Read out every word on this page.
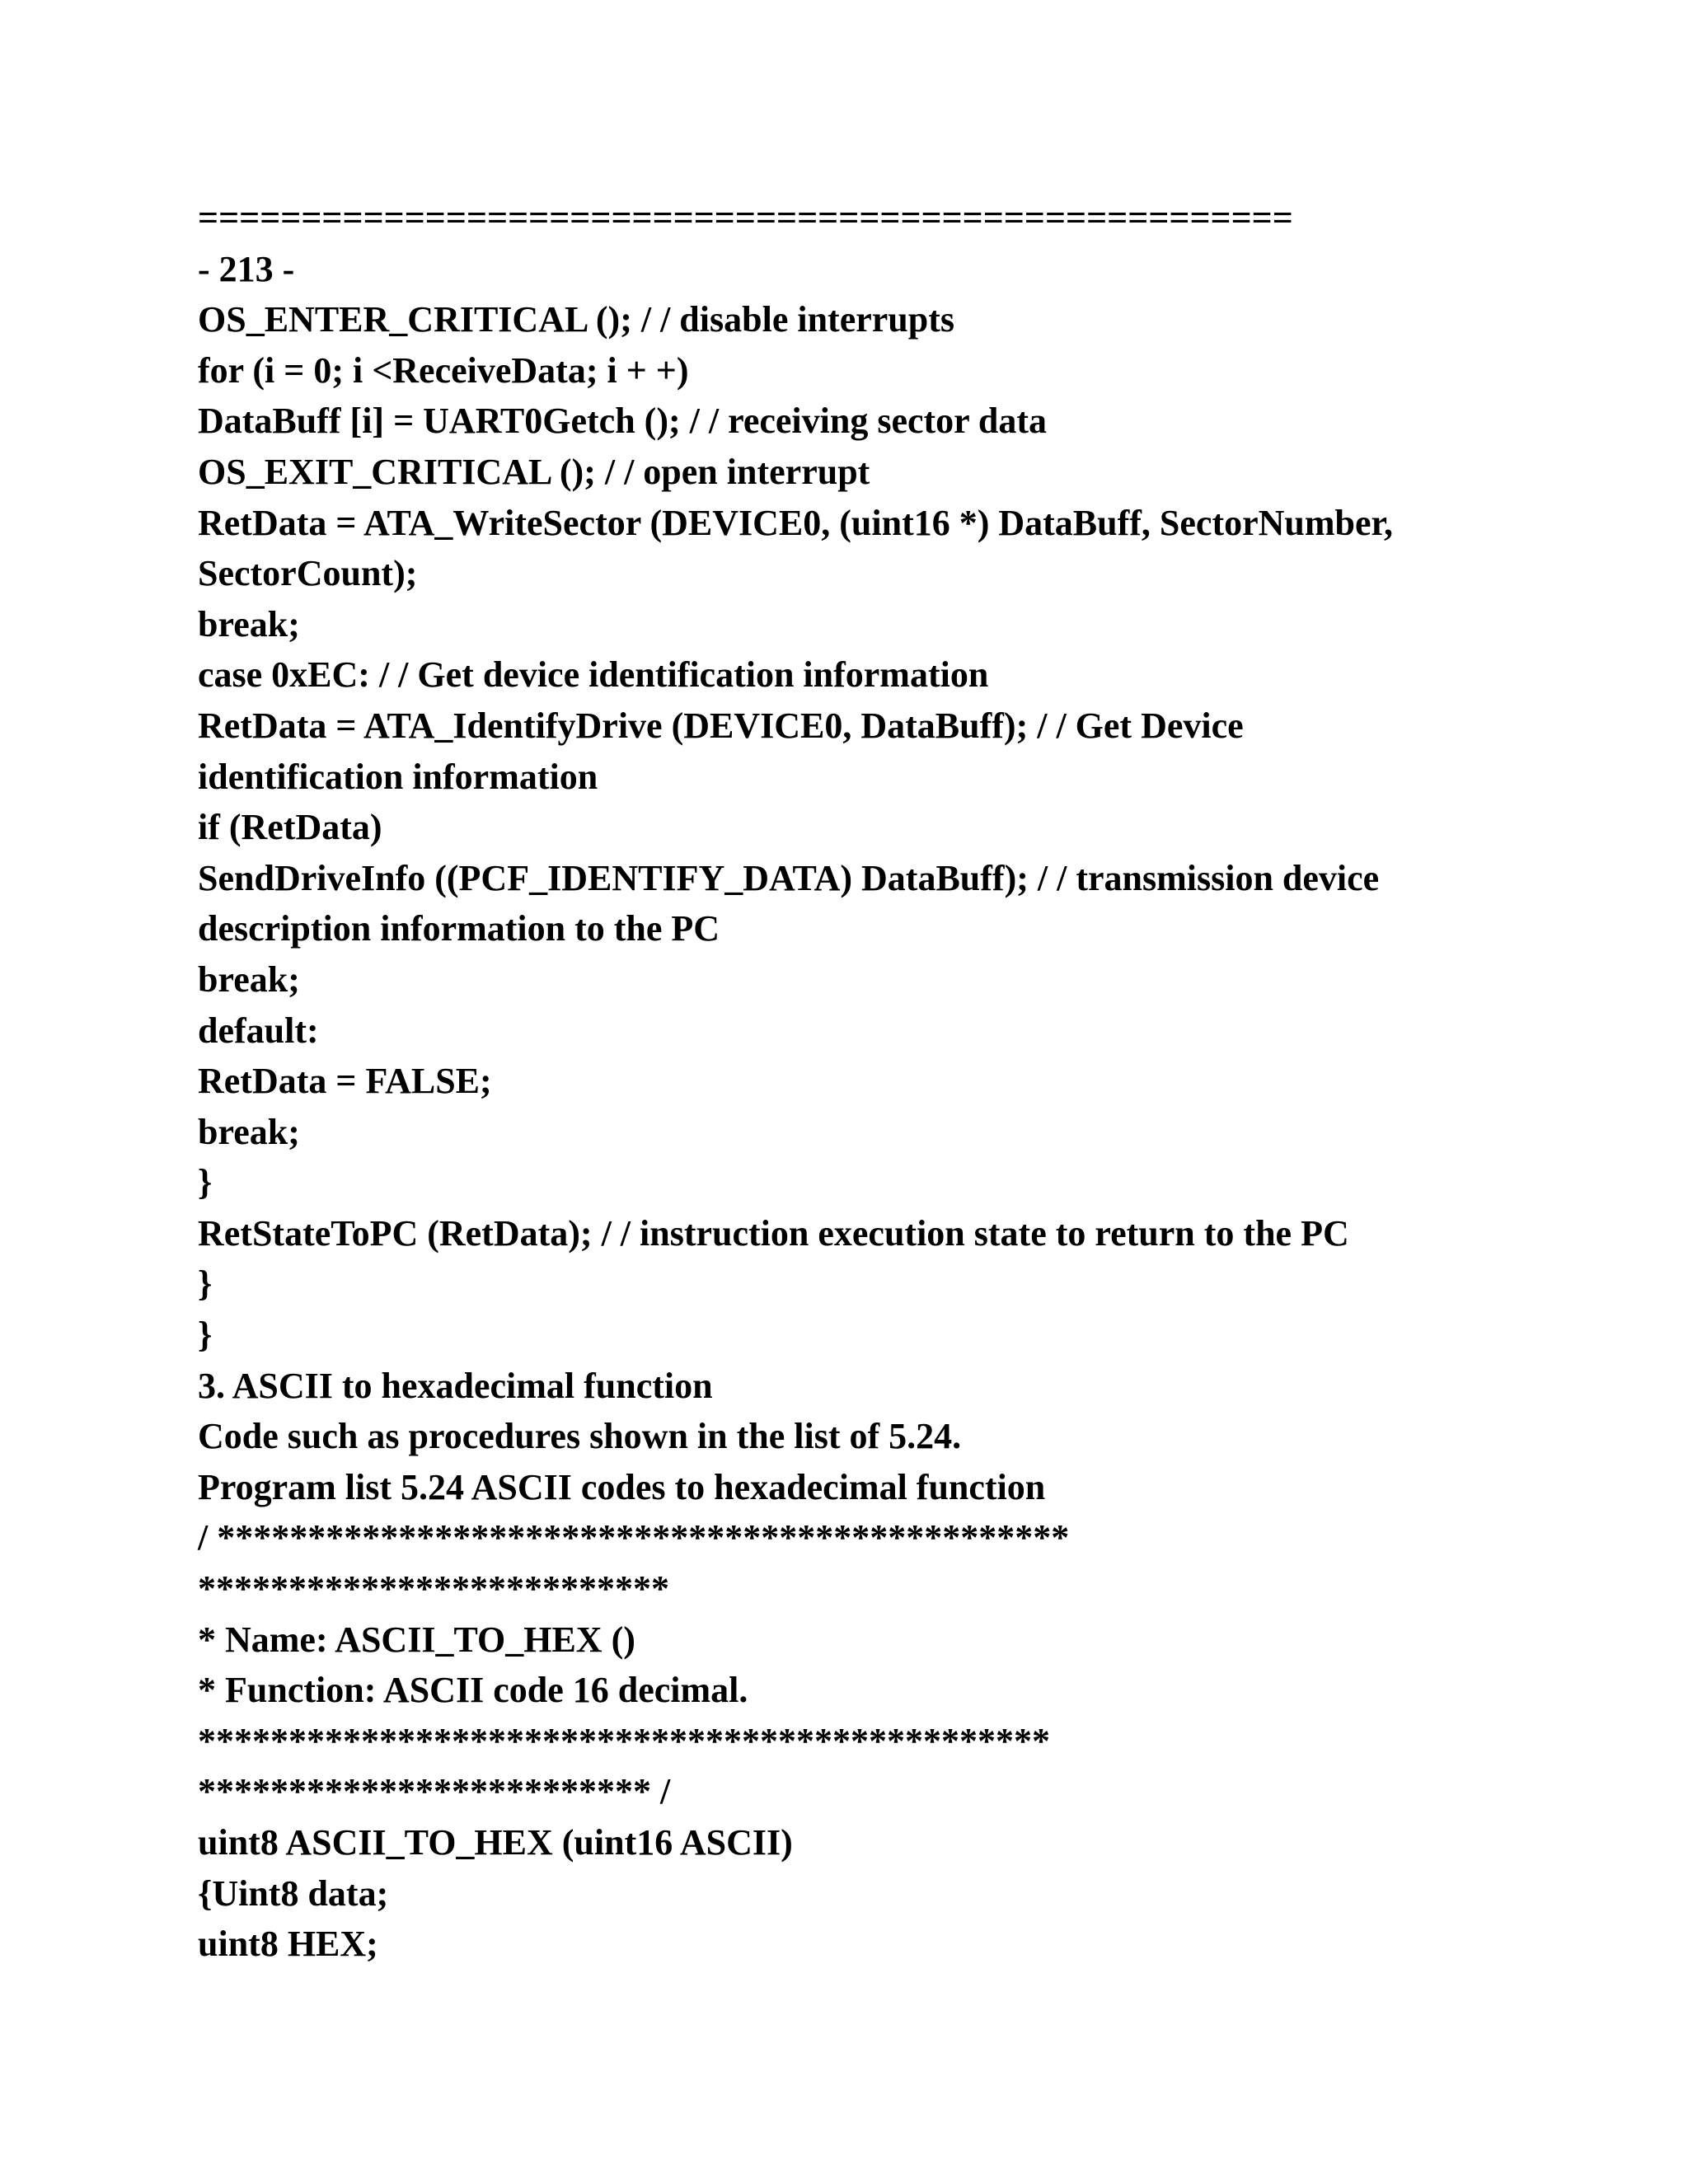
=====================================================
- 213 -
OS_ENTER_CRITICAL (); / / disable interrupts
for (i = 0; i <ReceiveData; i + +)
DataBuff [i] = UART0Getch (); / / receiving sector data
OS_EXIT_CRITICAL (); / / open interrupt
RetData = ATA_WriteSector (DEVICE0, (uint16 *) DataBuff, SectorNumber,
SectorCount);
break;
case 0xEC: / / Get device identification information
RetData = ATA_IdentifyDrive (DEVICE0, DataBuff); / / Get Device
identification information
if (RetData)
SendDriveInfo ((PCF_IDENTIFY_DATA) DataBuff); / / transmission device
description information to the PC
break;
default:
RetData = FALSE;
break;
}
RetStateToPC (RetData); / / instruction execution state to return to the PC
}
}
3. ASCII to hexadecimal function
Code such as procedures shown in the list of 5.24.
Program list 5.24 ASCII codes to hexadecimal function
/ ***********************************************
**************************
* Name: ASCII_TO_HEX ()
* Function: ASCII code 16 decimal.
***********************************************
************************* /
uint8 ASCII_TO_HEX (uint16 ASCII)
{Uint8 data;
uint8 HEX;
